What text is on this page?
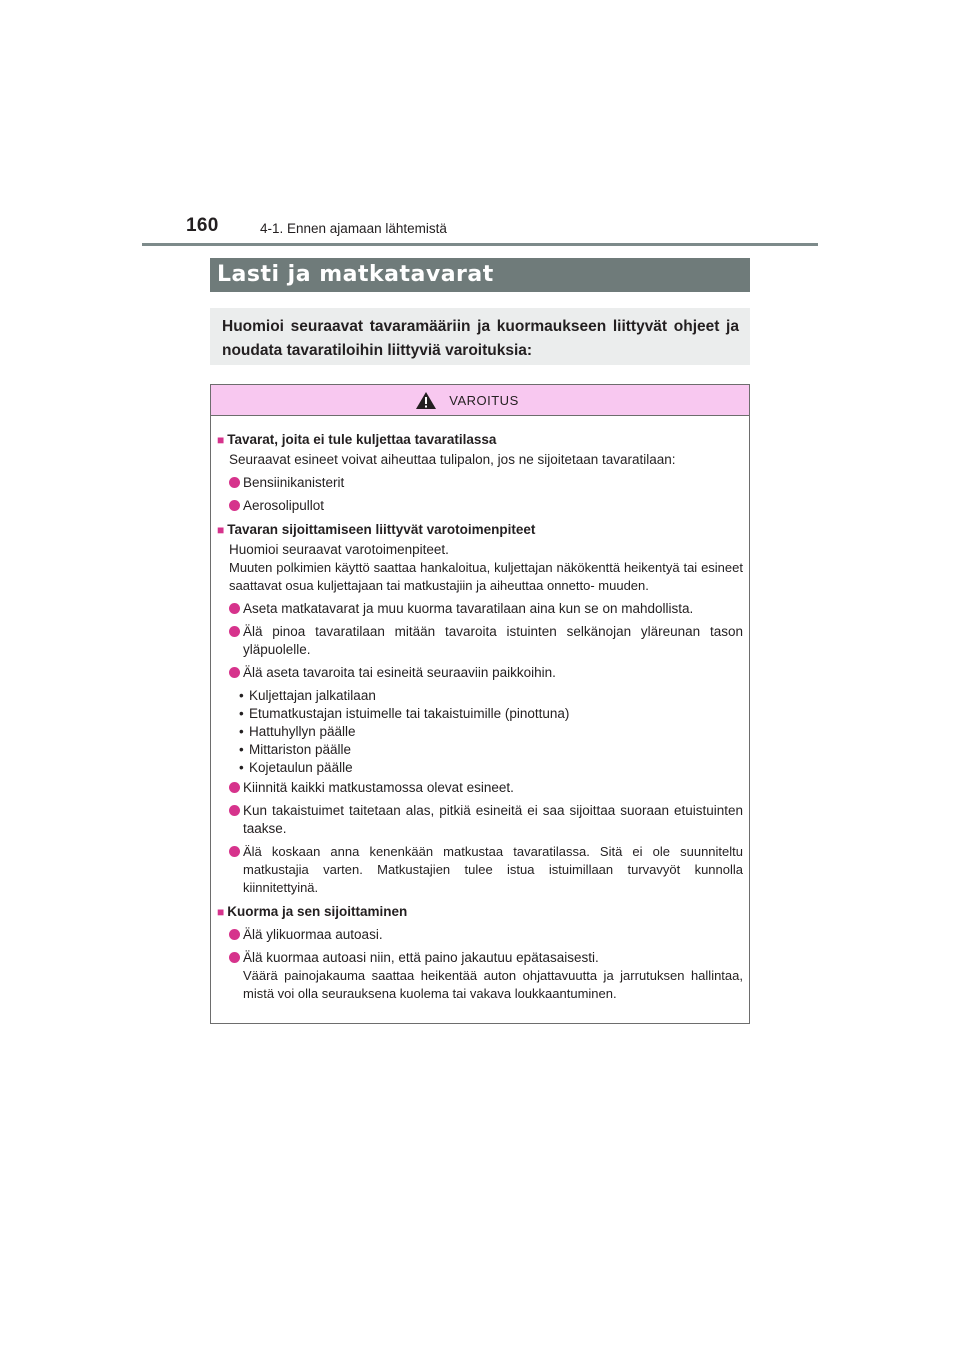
160	4-1. Ennen ajamaan lähtemistä
Lasti ja matkatavarat
Huomioi seuraavat tavaramääriin ja kuormaukseen liittyvät ohjeet ja noudata tavaratiloihin liittyviä varoituksia:
VAROITUS
■ Tavarat, joita ei tule kuljettaa tavaratilassa
Seuraavat esineet voivat aiheuttaa tulipalon, jos ne sijoitetaan tavaratilaan:
Bensiinikanisterit
Aerosolipullot
■ Tavaran sijoittamiseen liittyvät varotoimenpiteet
Huomioi seuraavat varotoimenpiteet.
Muuten polkimien käyttö saattaa hankaloitua, kuljettajan näkökenttä heikentyä tai esineet saattavat osua kuljettajaan tai matkustajiin ja aiheuttaa onnetto- muuden.
Aseta matkatavarat ja muu kuorma tavaratilaan aina kun se on mahdollista.
Älä pinoa tavaratilaan mitään tavaroita istuinten selkänojan yläreunan tason yläpuolelle.
Älä aseta tavaroita tai esineitä seuraaviin paikkoihin.
• Kuljettajan jalkatilaan
• Etumatkustajan istuimelle tai takaistuimille (pinottuna)
• Hattuhyllyn päälle
• Mittariston päälle
• Kojetaulun päälle
Kiinnitä kaikki matkustamossa olevat esineet.
Kun takaistuimet taitetaan alas, pitkiä esineitä ei saa sijoittaa suoraan etuistuinten taakse.
Älä koskaan anna kenenkään matkustaa tavaratilassa. Sitä ei ole suunniteltu matkustajia varten. Matkustajien tulee istua istuimillaan turvavyöt kunnolla kiinnitettyinä.
■ Kuorma ja sen sijoittaminen
Älä ylikuormaa autoasi.
Älä kuormaa autoasi niin, että paino jakautuu epätasaisesti.
Väärä painojakauma saattaa heikentää auton ohjattavuutta ja jarrutuksen hallintaa, mistä voi olla seurauksena kuolema tai vakava loukkaantuminen.
